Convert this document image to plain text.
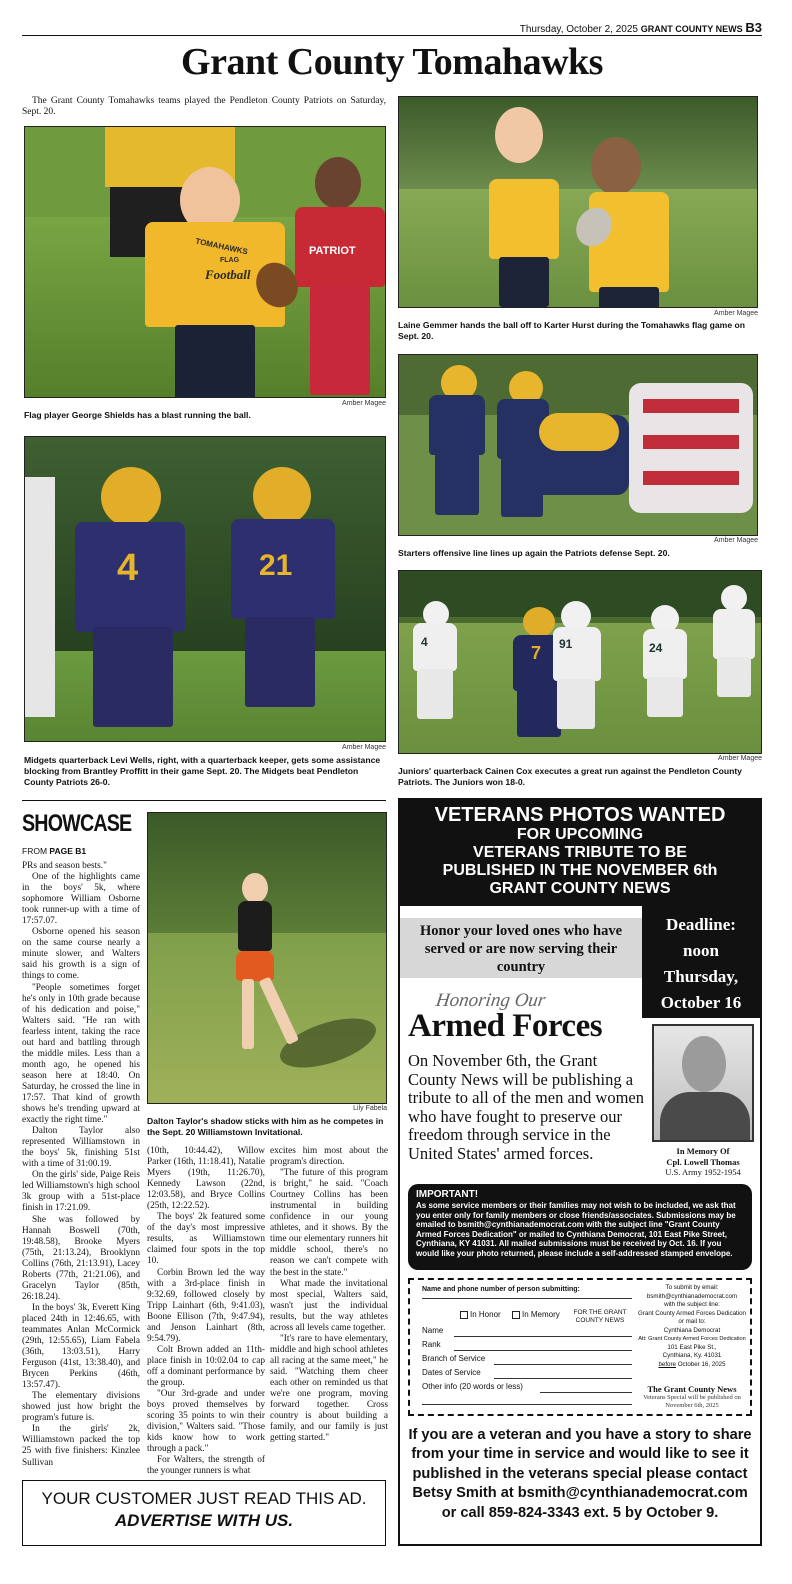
Thursday, October 2, 2025 GRANT COUNTY NEWS B3
Grant County Tomahawks
The Grant County Tomahawks teams played the Pendleton County Patriots on Saturday, Sept. 20.
TOMAHAWKS
FLAG
Football
PATRIOT
Amber Magee
Flag player George Shields has a blast running the ball.
Amber Magee
Laine Gemmer hands the ball off to Karter Hurst during the Tomahawks flag game on Sept. 20.
Amber Magee
Starters offensive line lines up again the Patriots defense Sept. 20.
4	21
Amber Magee
Midgets quarterback Levi Wells, right, with a quarterback keeper, gets some assistance blocking from Brantley Proffitt in their game Sept. 20. The Midgets beat Pendleton County Patriots 26-0.
4
7 91	24
Amber Magee
Juniors' quarterback Cainen Cox executes a great run against the Pendleton County Patriots. The Juniors won 18-0.
SHOWCASE
FROM PAGE B1

PRs and season bests."

One of the highlights came in the boys' 5k, where sophomore William Osborne took runner-up with a time of 17:57.07.

Osborne opened his season on the same course nearly a minute slower, and Walters said his growth is a sign of things to come.

"People sometimes forget he's only in 10th grade because of his dedication and poise," Walters said. "He ran with fearless intent, taking the race out hard and battling through the middle miles. Less than a month ago, he opened his season here at 18:40. On Saturday, he crossed the line in 17:57. That kind of growth shows he's trending upward at exactly the right time."

Dalton Taylor also represented Williamstown in the boys' 5k, finishing 51st with a time of 31:00.19.

On the girls' side, Paige Reis led Williamstown's high school 3k group with a 51st-place finish in 17:21.09.

She was followed by Hannah Boswell (70th, 19:48.58), Brooke Myers (75th, 21:13.24), Brooklynn Collins (76th, 21:13.91), Lacey Roberts (77th, 21:21.06), and Gracelyn Taylor (85th, 26:18.24).

In the boys' 3k, Everett King placed 24th in 12:46.65, with teammates Anlan McCormick (29th, 12:55.65), Liam Fabela (36th, 13:03.51), Harry Ferguson (41st, 13:38.40), and Brycen Perkins (46th, 13:57.47).

The elementary divisions showed just how bright the program's future is.

In the girls' 2k, Williamstown packed the top 25 with five finishers: Kinzlee Sullivan

Lily Fabela
Dalton Taylor's shadow sticks with him as he competes in the Sept. 20 Williamstown Invitational.

(10th, 10:44.42), Willow Parker (16th, 11:18.41), Natalie Myers (19th, 11:26.70), Kennedy Lawson (22nd, 12:03.58), and Bryce Collins (25th, 12:22.52).

The boys' 2k featured some of the day's most impressive results, as Williamstown claimed four spots in the top 10.

Corbin Brown led the way with a 3rd-place finish in 9:32.69, followed closely by Tripp Lainhart (6th, 9:41.03), Boone Ellison (7th, 9:47.94), and Jenson Lainhart (8th, 9:54.79).

Colt Brown added an 11th-place finish in 10:02.04 to cap off a dominant performance by the group.

"Our 3rd-grade and under boys proved themselves by scoring 35 points to win their division," Walters said. "Those kids know how to work through a pack."

For Walters, the strength of the younger runners is what

excites him most about the program's direction.

"The future of this program is bright," he said. "Coach Courtney Collins has been instrumental in building confidence in our young athletes, and it shows. By the time our elementary runners hit middle school, there's no reason we can't compete with the best in the state."

What made the invitational most special, Walters said, wasn't just the individual results, but the way athletes across all levels came together.

"It's rare to have elementary, middle and high school athletes all racing at the same meet," he said. "Watching them cheer each other on reminded us that we're one program, moving forward together. Cross country is about building a family, and our family is just getting started."

YOUR CUSTOMER JUST READ THIS AD.
ADVERTISE WITH US.
VETERANS PHOTOS WANTED
FOR UPCOMING
VETERANS TRIBUTE TO BE
PUBLISHED IN THE NOVEMBER 6th
GRANT COUNTY NEWS
Honor your loved ones who have served or are now serving their country
Deadline: noon Thursday, October 16
Honoring Our
Armed Forces
On November 6th, the Grant County News will be publishing a tribute to all of the men and women who have fought to preserve our freedom through service in the United States' armed forces.	In Memory Of
Cpl. Lowell Thomas
U.S. Army 1952-1954
IMPORTANT!
As some service members or their families may not wish to be included, we ask that you enter only for family members or close friends/associates. Submissions may be emailed to bsmith@cynthianademocrat.com with the subject line "Grant County Armed Forces Dedication" or mailed to Cynthiana Democrat, 101 East Pike Street, Cynthiana, KY 41031. All mailed submissions must be received by Oct. 16. If you would like your photo returned, please include a self-addressed stamped envelope.
Name and phone number of person submitting:
In Honor	In Memory	FOR THE GRANT COUNTY NEWS
Name
Rank
Branch of Service
Dates of Service
Other info (20 words or less)
To submit by email:
bsmith@cynthianademocrat.com
with the subject line:
Grant County Armed Forces Dedication
or mail to:
Cynthiana Democrat
Att: Grant County Armed Forces Dedication
101 East Pike St.,
Cynthiana, Ky. 41031
before October 16, 2025
The Grant County News
Veterans Special will be published on November 6th, 2025
If you are a veteran and you have a story to share from your time in service and would like to see it published in the veterans special please contact Betsy Smith at bsmith@cynthianademocrat.com or call 859-824-3343 ext. 5 by October 9.
